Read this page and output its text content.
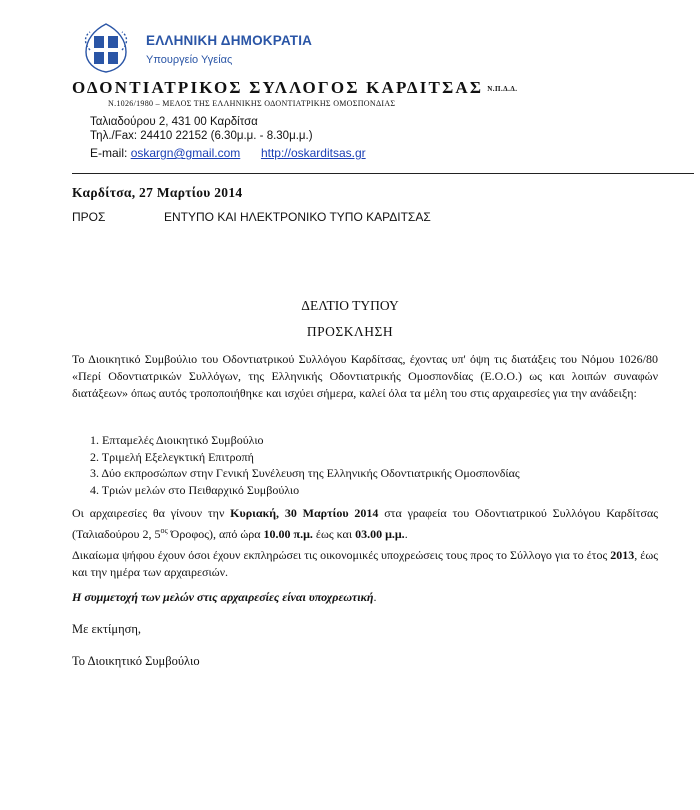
ΕΛΛΗΝΙΚΗ ΔΗΜΟΚΡΑΤΙΑ
Υπουργείο Υγείας
ΟΔΟΝΤΙΑΤΡΙΚΟΣ ΣΥΛΛΟΓΟΣ ΚΑΡΔΙΤΣΑΣ Ν.Π.Δ.Δ.
Ν.1026/1980 – ΜΕΛΟΣ ΤΗΣ ΕΛΛΗΝΙΚΗΣ ΟΔΟΝΤΙΑΤΡΙΚΗΣ ΟΜΟΣΠΟΝΔΙΑΣ
Ταλιαδούρου 2, 431 00 Καρδίτσα
Τηλ./Fax: 24410 22152 (6.30μ.μ. - 8.30μ.μ.)
E-mail: oskargn@gmail.com http://oskarditsas.gr
Καρδίτσα, 27 Μαρτίου 2014
ΠΡΟΣ	ΕΝΤΥΠΟ ΚΑΙ ΗΛΕΚΤΡΟΝΙΚΟ ΤΥΠΟ ΚΑΡΔΙΤΣΑΣ
ΔΕΛΤΙΟ ΤΥΠΟΥ
ΠΡΟΣΚΛΗΣΗ
Το Διοικητικό Συμβούλιο του Οδοντιατρικού Συλλόγου Καρδίτσας, έχοντας υπ' όψη τις διατάξεις του Νόμου 1026/80 «Περί Οδοντιατρικών Συλλόγων, της Ελληνικής Οδοντιατρικής Ομοσπονδίας (Ε.Ο.Ο.) ως και λοιπών συναφών διατάξεων» όπως αυτός τροποποιήθηκε και ισχύει σήμερα, καλεί όλα τα μέλη του στις αρχαιρεσίες για την ανάδειξη:
1. Επταμελές Διοικητικό Συμβούλιο
2. Τριμελή Εξελεγκτική Επιτροπή
3. Δύο εκπροσώπων στην Γενική Συνέλευση της Ελληνικής Οδοντιατρικής Ομοσπονδίας
4. Τριών μελών στο Πειθαρχικό Συμβούλιο
Οι αρχαιρεσίες θα γίνουν την Κυριακή, 30 Μαρτίου 2014 στα γραφεία του Οδοντιατρικού Συλλόγου Καρδίτσας (Ταλιαδούρου 2, $5^{o\varsigma}$ Όροφος), από ώρα 10.00 π.μ. έως και 03.00 μ.μ..
Δικαίωμα ψήφου έχουν όσοι έχουν εκπληρώσει τις οικονομικές υποχρεώσεις τους προς το Σύλλογο για το έτος 2013, έως και την ημέρα των αρχαιρεσιών.
Η συμμετοχή των μελών στις αρχαιρεσίες είναι υποχρεωτική.
Με εκτίμηση,
Το Διοικητικό Συμβούλιο
